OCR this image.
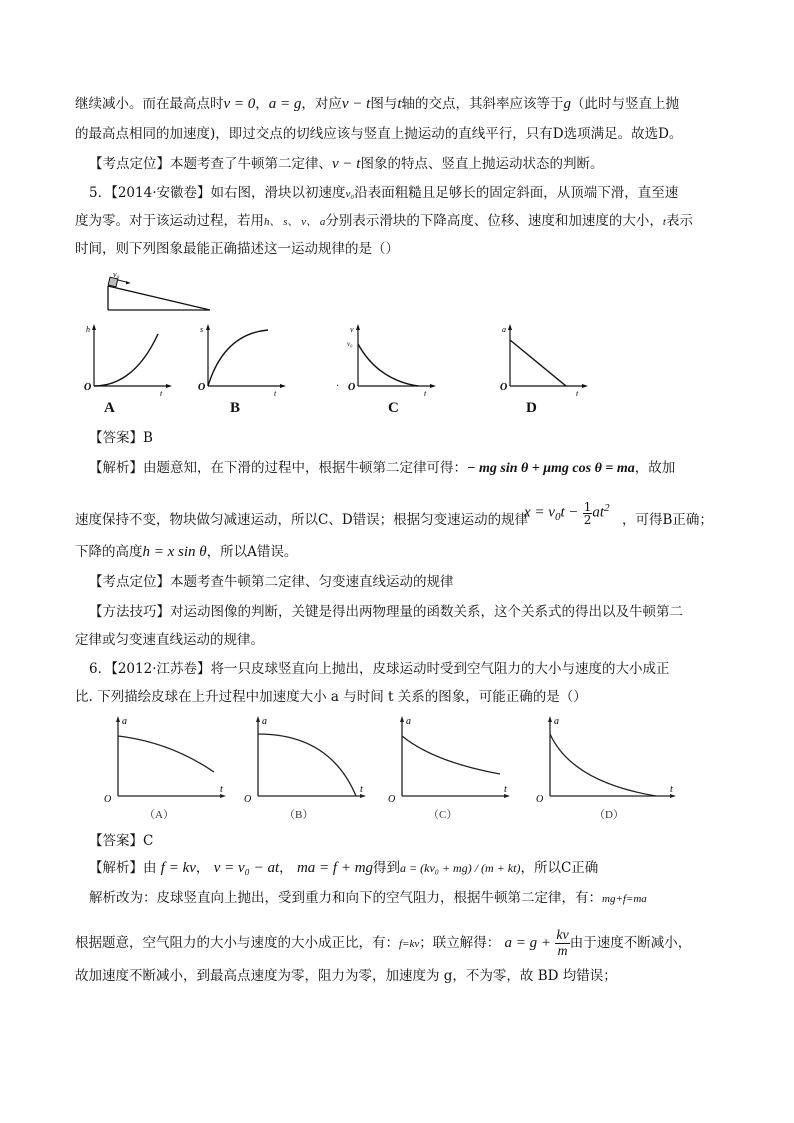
继续减小。而在最高点时v = 0，a = g，对应v − t图与t轴的交点，其斜率应该等于g（此时与竖直上抛
的最高点相同的加速度)，即过交点的切线应该与竖直上抛运动的直线平行，只有D选项满足。故选D。
【考点定位】本题考查了牛顿第二定律、v − t图象的特点、竖直上抛运动状态的判断。
5．【2014·安徽卷】如右图，滑块以初速度v₀沿表面粗糙且足够长的固定斜面，从顶端下滑，直至速
度为零。对于该运动过程，若用h、 s、 v、 a分别表示滑块的下降高度、位移、速度和加速度的大小，t表示
时间，则下列图象最能正确描述这一运动规律的是（）
v₀
h
t
O
A
s
t
O
B
.
v
v₀
t
O
C
a
t
O
D
【答案】B
【解析】由题意知，在下滑的过程中，根据牛顿第二定律可得：− mg sin θ + μmg cos θ = ma，故加
速度保持不变，物块做匀减速运动，所以C、D错误；根据匀变速运动的规律
$x = v_0t - \frac{1}{2} at^2$
，可得B正确；
下降的高度h = x sin θ，所以A错误。
【考点定位】本题考查牛顿第二定律、匀变速直线运动的规律
【方法技巧】对运动图像的判断，关键是得出两物理量的函数关系，这个关系式的得出以及牛顿第二
定律或匀变速直线运动的规律。
6．【2012·江苏卷】将一只皮球竖直向上抛出，皮球运动时受到空气阻力的大小与速度的大小成正
比. 下列描绘皮球在上升过程中加速度大小 a 与时间 t 关系的图象，可能正确的是（）
a
t
O
（A）
a
t
O
（B）
a
t
O
（C）
a
t
O
（D）
【答案】C
【解析】由 f = kv， v = v₀ − at， ma = f + mg得到a = (kv₀ + mg) / (m + kt)，所以C正确
解析改为：皮球竖直向上抛出，受到重力和向下的空气阻力，根据牛顿第二定律，有：mg+f=ma
根据题意，空气阻力的大小与速度的大小成正比，有：f=kv；联立解得： $a = g + \frac{kv}{m}$ 由于速度不断减小，
故加速度不断减小，到最高点速度为零，阻力为零，加速度为 g，不为零，故 BD 均错误；
